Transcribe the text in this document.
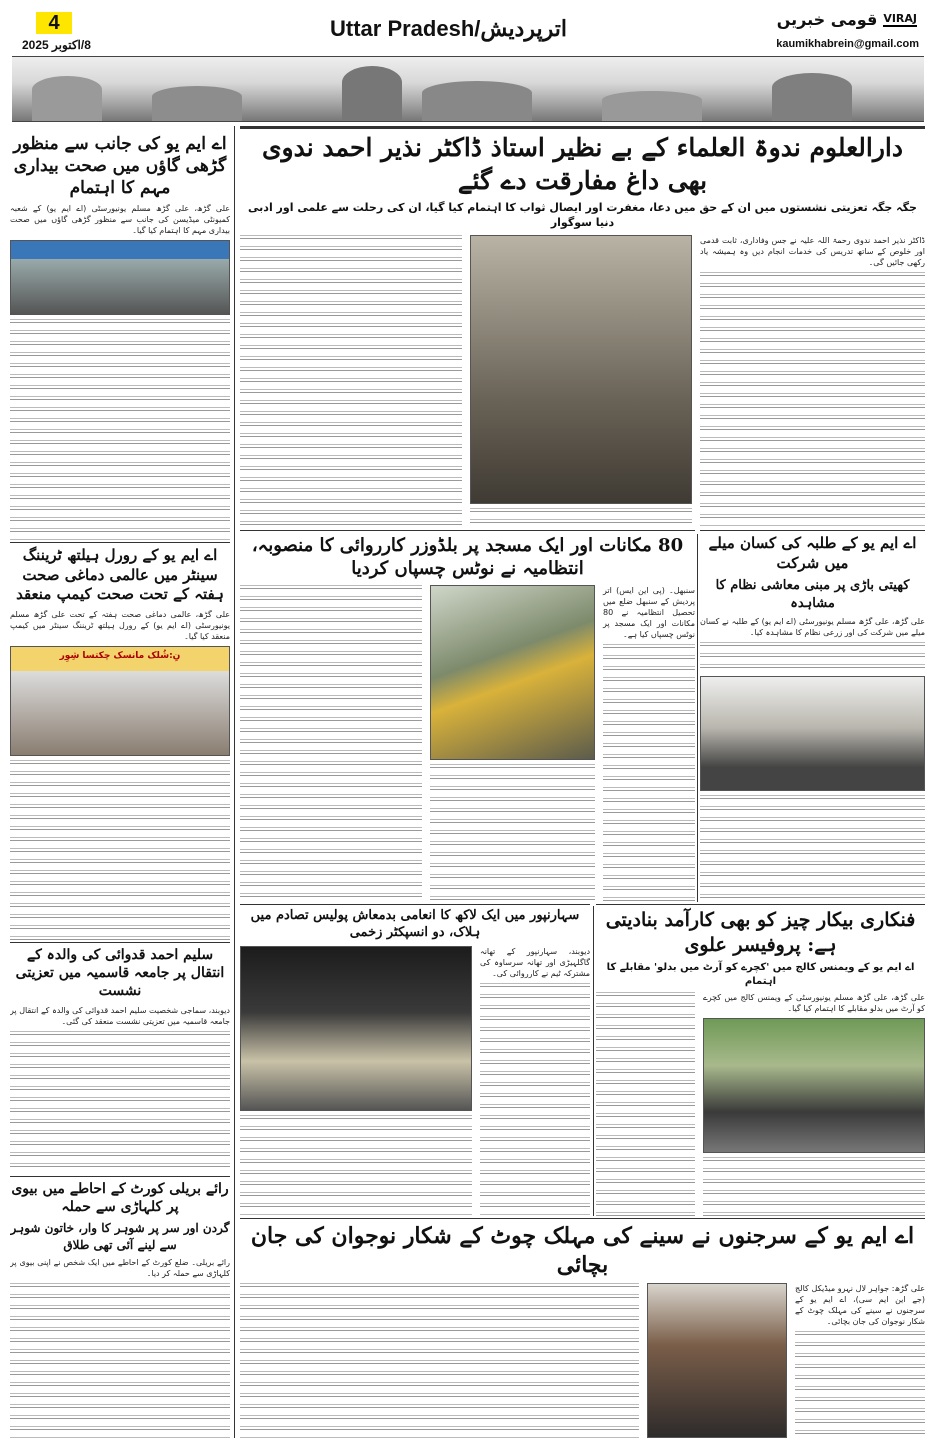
4
8/اکتوبر 2025
Uttar Pradesh/اترپردیش	قومی خبریں VIRAJ
kaumikhabrein@gmail.com
دارالعلوم ندوۃ العلماء کے بے نظیر استاذ ڈاکٹر نذیر احمد ندوی بھی داغ مفارقت دے گئے
جگہ جگہ تعزیتی نشستوں میں ان کے حق میں دعا، مغفرت اور ایصال ثواب کا اہتمام کیا گیا، ان کی رحلت سے علمی اور ادبی دنیا سوگوار

ڈاکٹر نذیر احمد ندوی رحمۃ اللہ علیہ نے جس وفاداری، ثابت قدمی اور خلوص کے ساتھ تدریس کی خدمات انجام دیں وہ ہمیشہ یاد رکھی جائیں گی۔

اے ایم یو کی جانب سے منظور گڑھی گاؤں میں صحت بیداری مہم کا اہتمام

علی گڑھ، علی گڑھ مسلم یونیورسٹی (اے ایم یو) کے شعبہ کمیونٹی میڈیسن کی جانب سے منظور گڑھی گاؤں میں صحت بیداری مہم کا اہتمام کیا گیا۔

اے ایم یو کے رورل ہیلتھ ٹریننگ سینٹر میں عالمی دماغی صحت ہفتہ کے تحت صحت کیمپ منعقد

علی گڑھ، عالمی دماغی صحت ہفتہ کے تحت علی گڑھ مسلم یونیورسٹی (اے ایم یو) کے رورل ہیلتھ ٹریننگ سینٹر میں کیمپ منعقد کیا گیا۔

نِ:شُلک مانسک چکتسا شِوِر
سلیم احمد قدوائی کی والدہ کے انتقال پر جامعہ قاسمیہ میں تعزیتی نشست

دیوبند، سماجی شخصیت سلیم احمد قدوائی کی والدہ کے انتقال پر جامعہ قاسمیہ میں تعزیتی نشست منعقد کی گئی۔

رائے بریلی کورٹ کے احاطے میں بیوی پر کلہاڑی سے حملہ
گردن اور سر پر شوہر کا وار، خاتون شوہر سے لینے آئی تھی طلاق

رائے بریلی۔ ضلع کورٹ کے احاطے میں ایک شخص نے اپنی بیوی پر کلہاڑی سے حملہ کر دیا۔

80 مکانات اور ایک مسجد پر بلڈوزر کارروائی کا منصوبہ، انتظامیہ نے نوٹس چسپاں کردیا

سنبھل۔ (پی این ایس) اتر پردیش کے سنبھل ضلع میں تحصیل انتظامیہ نے 80 مکانات اور ایک مسجد پر نوٹس چسپاں کیا ہے۔

اے ایم یو کے طلبہ کی کسان میلے میں شرکت
کھیتی باڑی پر مبنی معاشی نظام کا مشاہدہ

علی گڑھ، علی گڑھ مسلم یونیورسٹی (اے ایم یو) کے طلبہ نے کسان میلے میں شرکت کی اور زرعی نظام کا مشاہدہ کیا۔

سہارنپور میں ایک لاکھ کا انعامی بدمعاش پولیس تصادم میں ہلاک، دو انسپکٹر زخمی

دیوبند، سہارنپور کے تھانہ گاگلہیڑی اور تھانہ سرساوہ کی مشترکہ ٹیم نے کارروائی کی۔

فنکاری بیکار چیز کو بھی کارآمد بنادیتی ہے: پروفیسر علوی
اے ایم یو کے ویمنس کالج میں 'کچرے کو آرٹ میں بدلو' مقابلے کا اہتمام

علی گڑھ، علی گڑھ مسلم یونیورسٹی کے ویمنس کالج میں کچرے کو آرٹ میں بدلو مقابلے کا اہتمام کیا گیا۔

اے ایم یو کے سرجنوں نے سینے کی مہلک چوٹ کے شکار نوجوان کی جان بچائی

علی گڑھ: جواہر لال نہرو میڈیکل کالج (جے این ایم سی)، اے ایم یو کے سرجنوں نے سینے کی مہلک چوٹ کے شکار نوجوان کی جان بچائی۔
